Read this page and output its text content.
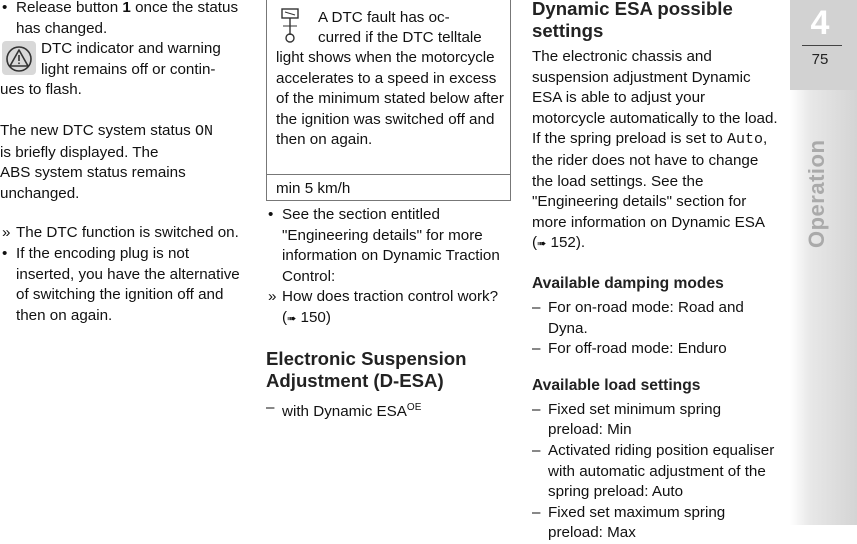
• Release button 1 once the status has changed.
DTC indicator and warning
light remains off or contin-
ues to flash.
The new DTC system status ON
is briefly displayed. The
ABS system status remains
unchanged.
» The DTC function is switched on.
• If the encoding plug is not inserted, you have the alternative of switching the ignition off and then on again.
A DTC fault has oc-
curred if the DTC telltale
light shows when the motorcycle accelerates to a speed in excess of the minimum stated below after the ignition was switched off and then on again.
min 5 km/h
• See the section entitled "Engineering details" for more information on Dynamic Traction Control:
» How does traction control work? (➠ 150)
Electronic Suspension Adjustment (D-ESA)
– with Dynamic $ESA^{OE}$
Dynamic ESA possible settings
The electronic chassis and suspension adjustment Dynamic ESA is able to adjust your motorcycle automatically to the load. If the spring preload is set to Auto, the rider does not have to change the load settings. See the "Engineering details" section for more information on Dynamic ESA (➠ 152).
Available damping modes
– For on-road mode: Road and Dyna.
– For off-road mode: Enduro
Available load settings
– Fixed set minimum spring preload: Min
– Activated riding position equaliser with automatic adjustment of the spring preload: Auto
– Fixed set maximum spring preload: Max
4
75
Operation
